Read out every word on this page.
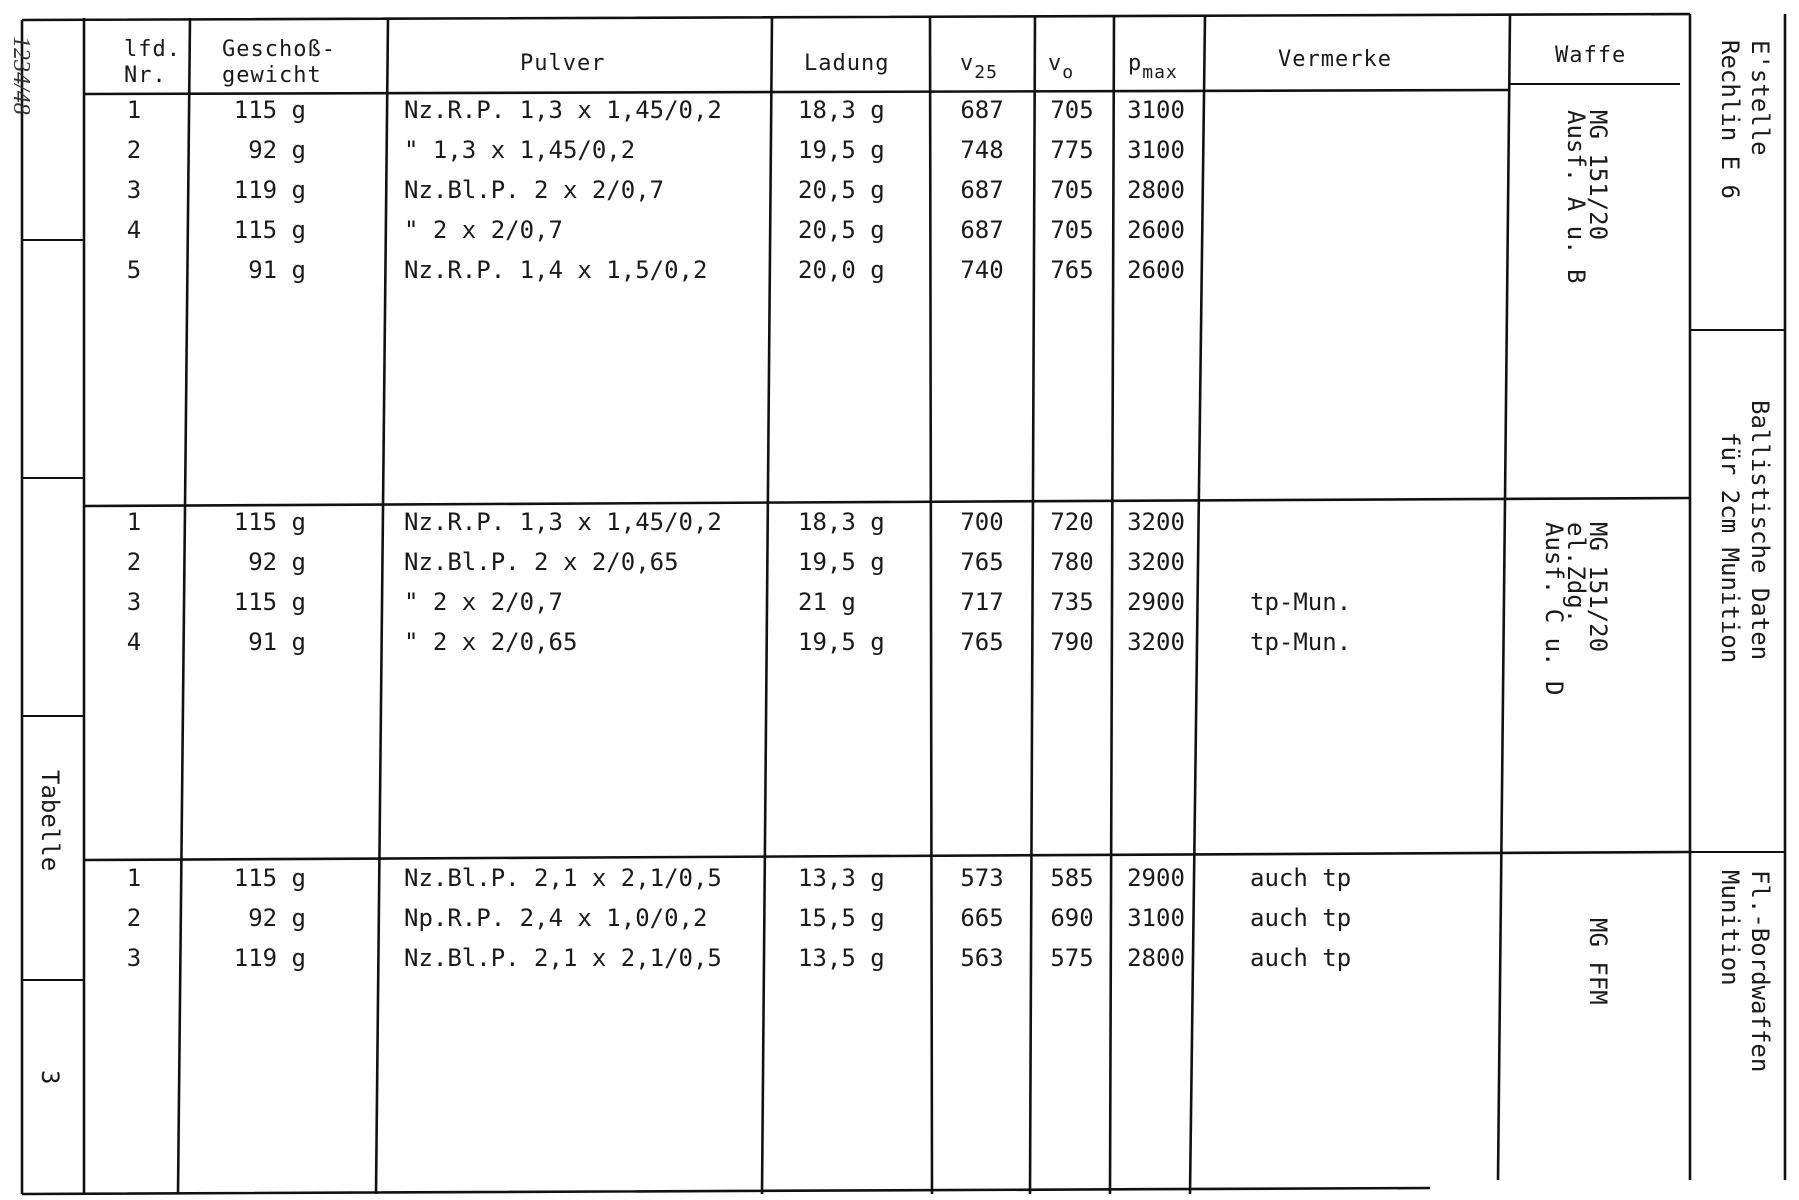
1234/48
Tabelle
3
lfd.
Nr.
Geschoß-
gewicht	Pulver	Ladung	$v_{25}$ $v_o$ $p_{max}$
Vermerke	Waffe	E'stelle
Rechlin E 6
Ballistische Daten
für 2cm Munition
Fl.-Bordwaffen
Munition
1	115 g	Nz.R.P. 1,3 x 1,45/0,2	18,3 g	687 705 3100
2	92 g	" 1,3 x 1,45/0,2	19,5 g	748 775 3100
3	119 g	Nz.Bl.P. 2 x 2/0,7	20,5 g	687 705 2800
4	115 g	" 2 x 2/0,7	20,5 g	687 705 2600
5	91 g	Nz.R.P. 1,4 x 1,5/0,2	20,0 g	740 765 2600
MG 151/20
Ausf. A u. B
1	115 g	Nz.R.P. 1,3 x 1,45/0,2	18,3 g	700 720 3200
2	92 g	Nz.Bl.P. 2 x 2/0,65	19,5 g	765 780 3200
3	115 g	" 2 x 2/0,7	21 g	717 735 2900	tp-Mun.
4	91 g	" 2 x 2/0,65	19,5 g	765 790 3200	tp-Mun.	MG 151/20
el.Zdg.
Ausf. C u. D
1	115 g	Nz.Bl.P. 2,1 x 2,1/0,5	13,3 g	573 585 2900	auch tp
2	92 g	Np.R.P. 2,4 x 1,0/0,2	15,5 g	665 690 3100	auch tp
3	119 g	Nz.Bl.P. 2,1 x 2,1/0,5	13,5 g	563 575 2800	auch tp	MG FFM
